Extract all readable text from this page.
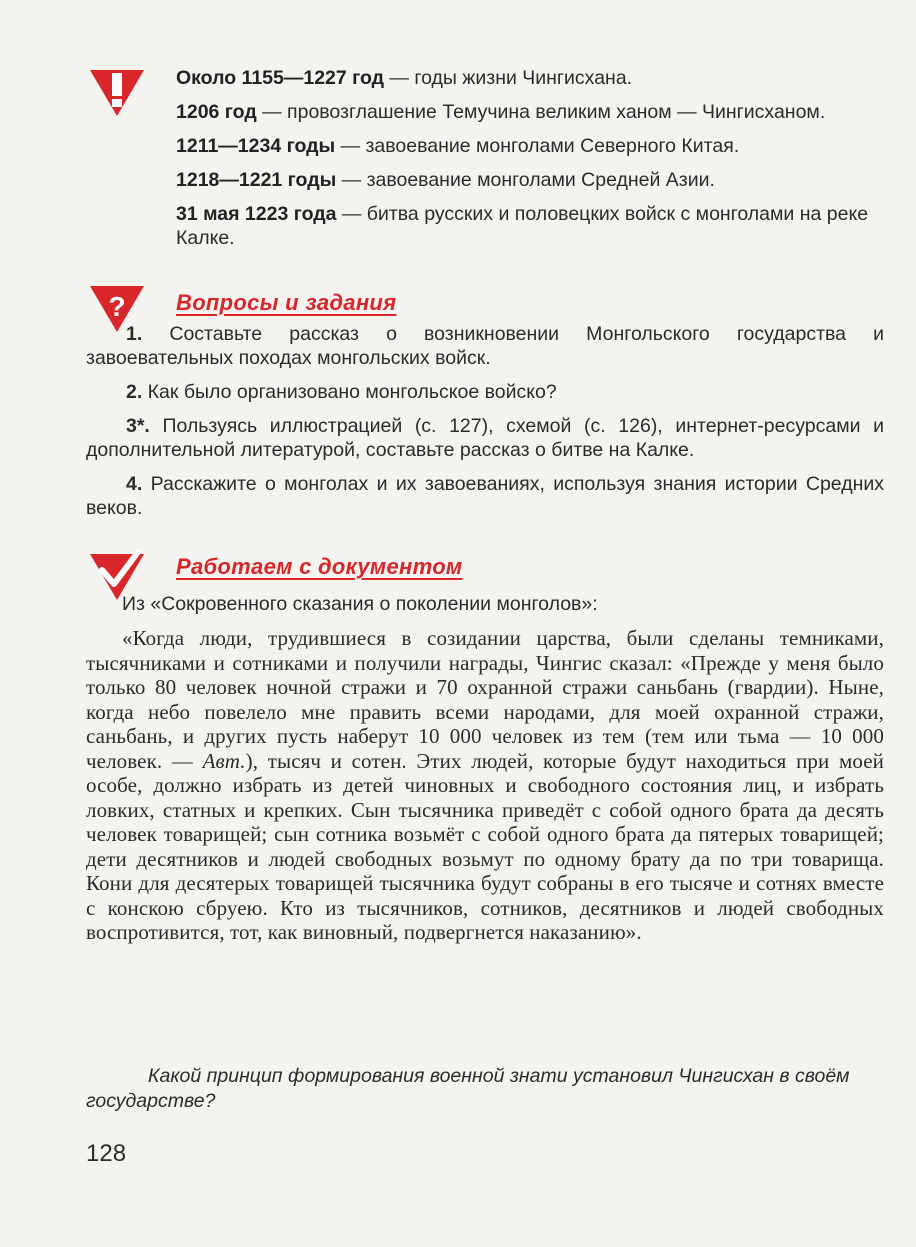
Около 1155—1227 год — годы жизни Чингисхана.

1206 год — провозглашение Темучина великим ханом — Чингисханом.

1211—1234 годы — завоевание монголами Северного Китая.

1218—1221 годы — завоевание монголами Средней Азии.

31 мая 1223 года — битва русских и половецких войск с монголами на реке Калке.

? Вопросы и задания

1. Составьте рассказ о возникновении Монгольского государства и завоевательных походах монгольских войск.

2. Как было организовано монгольское войско?

3*. Пользуясь иллюстрацией (с. 127), схемой (с. 126), интернет-ресурсами и дополнительной литературой, составьте рассказ о битве на Калке.

4. Расскажите о монголах и их завоеваниях, используя знания истории Средних веков.

Работаем с документом
Из «Сокровенного сказания о поколении монголов»:

«Когда люди, трудившиеся в созидании царства, были сделаны темниками, тысячниками и сотниками и получили награды, Чингис сказал: «Прежде у меня было только 80 человек ночной стражи и 70 охранной стражи саньбань (гвардии). Ныне, когда небо повелело мне править всеми народами, для моей охранной стражи, саньбань, и других пусть наберут 10 000 человек из тем (тем или тьма — 10 000 человек. — Авт.), тысяч и сотен. Этих людей, которые будут находиться при моей особе, должно избрать из детей чиновных и свободного состояния лиц, и избрать ловких, статных и крепких. Сын тысячника приведёт с собой одного брата да десять человек товарищей; сын сотника возьмёт с собой одного брата да пятерых товарищей; дети десятников и людей свободных возьмут по одному брату да по три товарища. Кони для десятерых товарищей тысячника будут собраны в его тысяче и сотнях вместе с конскою сбруею. Кто из тысячников, сотников, десятников и людей свободных воспротивится, тот, как виновный, подвергнется наказанию».

Какой принцип формирования военной знати установил Чингисхан в своём государстве?

128
